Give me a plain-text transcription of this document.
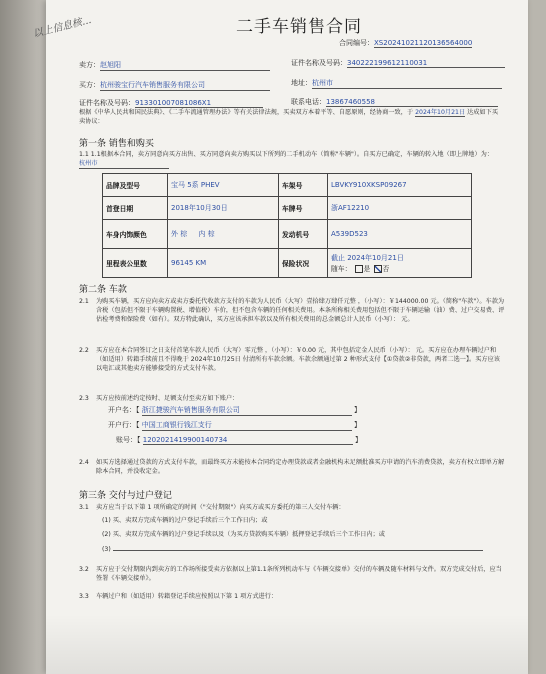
以上信息核...	二手车销售合同
合同编号：XS20241021120136564000
卖方：赵旭阳	证件名称及号码：340222199612110031
买方：杭州骏宝行汽车销售服务有限公司	地址：杭州市
证件名称及号码：913301007081086X1	联系电话：13867460558
根据《中华人民共和国民法典》、《二手车流通管理办法》等有关法律法规，买卖双方本着平等、自愿原则，经协商一致，于 2024年10月21日 达成如下买卖协议：
第一条 销售和购买
1.1 1.1根据本合同，卖方同意向买方出售、买方同意向卖方购买以下所列的二手机动车（简称"车辆"）。自买方已确定，车辆的转入地（即上牌地）为： 杭州市
品牌及型号	宝马 5系 PHEV	车架号	LBVKY910XKSP09267
首登日期	2018年10月30日	车牌号	浙AF12210
车身内饰颜色	外 棕 内 棕	发动机号	A539D523
里程表公里数	96145 KM	保险状况	截止 2024年10月21日
随车： 是 否
第二条 车款
2.1	为购买车辆，买方应向卖方或卖方委托代收款方支付的车款为人民币（大写）壹拾肆万肆仟元整 ，（小写）：￥144000.00 元。（简称"车款"）。车款为含税（包括但不限于车辆购置税、增值税）车价，但不包含车辆的任何相关费用。本条所称相关费用包括但不限于车辆运输（油）费、过户交易费、评估检考费和保险费（如有）。双方特此确认，买方应该承担车款以及所有相关费用的总金额总计人民币（小写）： 元。
2.2	买方应在本合同签订之日支付首笔车款人民币（大写）零元整 ，（小写）：￥0.00 元，其中包括定金人民币（小写）： 元。买方应在办理车辆过户和（如适用）转籍手续前且不得晚于 2024年10月25日 付清所有车款余额。车款余额通过第 2 种形式支付【①贷款②非贷款，两者二选一】。买方应该以电汇或其他卖方能够接受的方式支付车款。
2.3	买方应按前述约定按时、足额支付至卖方如下账户：
开户名：【 浙江捷骏汽车销售服务有限公司	】
开户行：【 中国工商银行钱江支行	】
账号：【 1202021419900140734	】
2.4	如买方选择通过贷款的方式支付车款，而最终买方未能按本合同约定办理贷款或者金融机构未足额批准买方申请的汽车消费贷款，卖方有权立即单方解除本合同，并没收定金。
第三条 交付与过户登记
3.1	卖方应当于以下第 1 项所确定的时间（"交付期限"）向买方或买方委托的第三人交付车辆：
(1) 买、卖双方完成车辆的过户登记手续后三个工作日内；或
(2) 买、卖双方完成车辆的过户登记手续以及（为买方贷款购买车辆）抵押登记手续后三个工作日内；或
(3)
3.2	买方应于交付期限内到卖方的工作场所接受卖方依据以上第1.1条所列机动车与《车辆交接单》交付的车辆及随车材料与文件。双方完成交付后，应当签署《车辆交接单》。
3.3	车辆过户和（如适用）转籍登记手续应按照以下第 1 项方式进行：
